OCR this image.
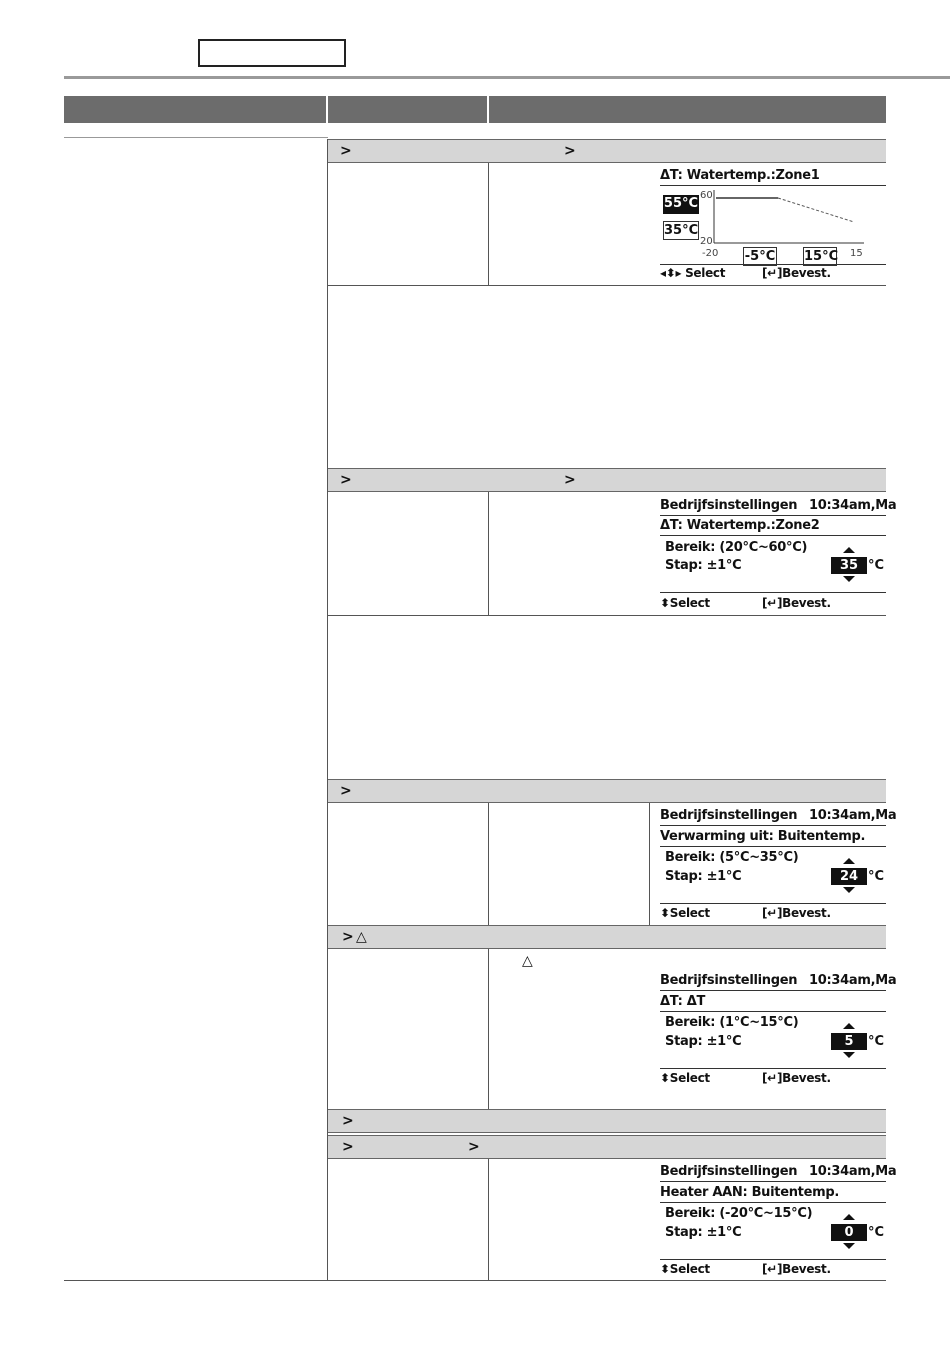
>	>
ΔT: Watertemp.:Zone1
55°C
35°C
60
20
-20 -5°C 15°C 15
◂⬍▸ Select	[↵]Bevest.
>	>
Bedrijfsinstellingen 10:34am,Ma
ΔT: Watertemp.:Zone2
Bereik: (20°C~60°C)
Stap: ±1°C	35 °C
⬍Select	[↵]Bevest.
>
Bedrijfsinstellingen 10:34am,Ma
Verwarming uit: Buitentemp.
Bereik: (5°C~35°C)
Stap: ±1°C	24 °C
⬍Select	[↵]Bevest.
> △
△
Bedrijfsinstellingen 10:34am,Ma
ΔT: ΔT
Bereik: (1°C~15°C)
Stap: ±1°C	5	°C
⬍Select	[↵]Bevest.
>
>	>
Bedrijfsinstellingen 10:34am,Ma
Heater AAN: Buitentemp.
Bereik: (-20°C~15°C)
Stap: ±1°C	0	°C
⬍Select	[↵]Bevest.
